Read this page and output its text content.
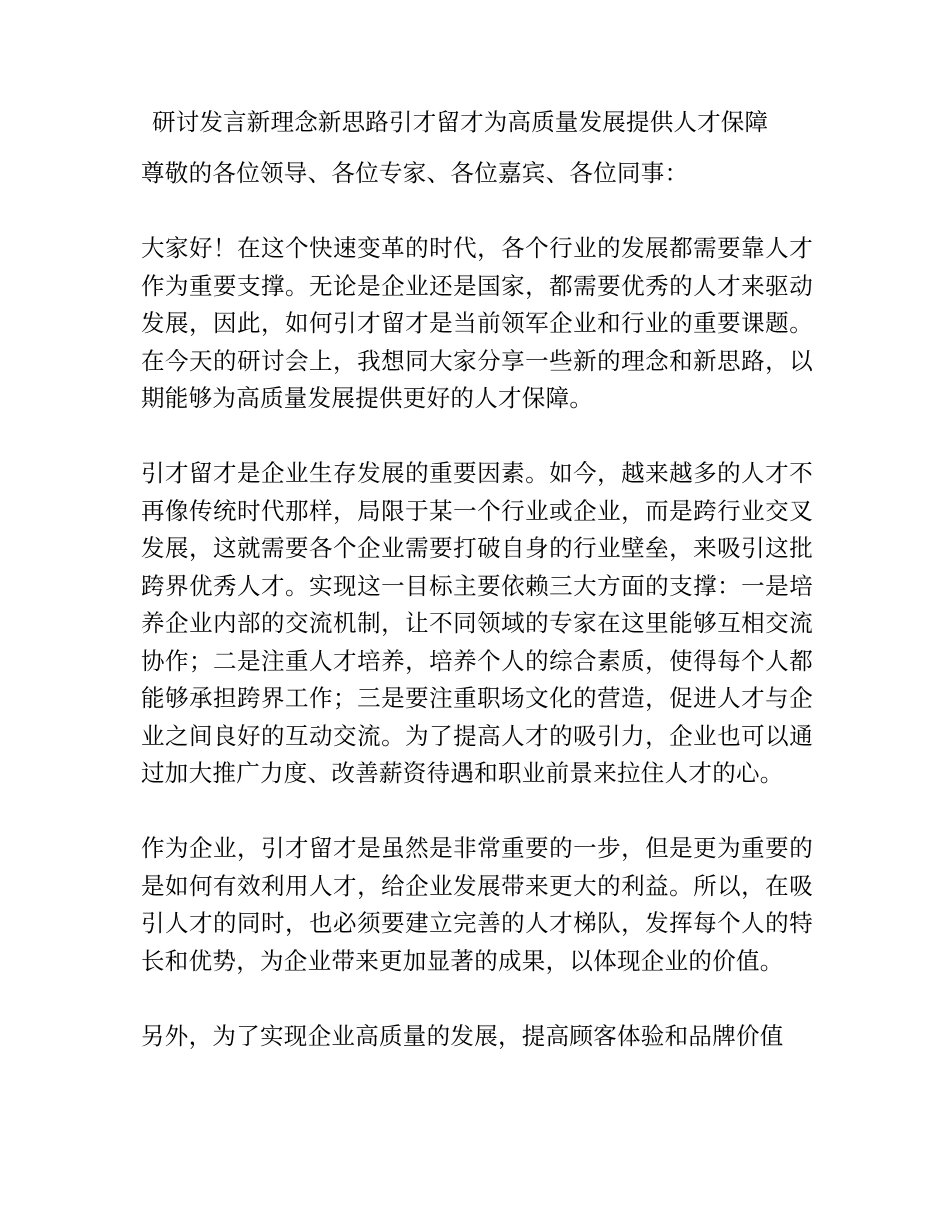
研讨发言新理念新思路引才留才为高质量发展提供人才保障

尊敬的各位领导、各位专家、各位嘉宾、各位同事：

大家好！在这个快速变革的时代，各个行业的发展都需要靠人才作为重要支撑。无论是企业还是国家，都需要优秀的人才来驱动发展，因此，如何引才留才是当前领军企业和行业的重要课题。在今天的研讨会上，我想同大家分享一些新的理念和新思路，以期能够为高质量发展提供更好的人才保障。

引才留才是企业生存发展的重要因素。如今，越来越多的人才不再像传统时代那样，局限于某一个行业或企业，而是跨行业交叉发展，这就需要各个企业需要打破自身的行业壁垒，来吸引这批跨界优秀人才。实现这一目标主要依赖三大方面的支撑：一是培养企业内部的交流机制，让不同领域的专家在这里能够互相交流协作；二是注重人才培养，培养个人的综合素质，使得每个人都能够承担跨界工作；三是要注重职场文化的营造，促进人才与企业之间良好的互动交流。为了提高人才的吸引力，企业也可以通过加大推广力度、改善薪资待遇和职业前景来拉住人才的心。

作为企业，引才留才是虽然是非常重要的一步，但是更为重要的是如何有效利用人才，给企业发展带来更大的利益。所以，在吸引人才的同时，也必须要建立完善的人才梯队，发挥每个人的特长和优势，为企业带来更加显著的成果，以体现企业的价值。

另外，为了实现企业高质量的发展，提高顾客体验和品牌价值
